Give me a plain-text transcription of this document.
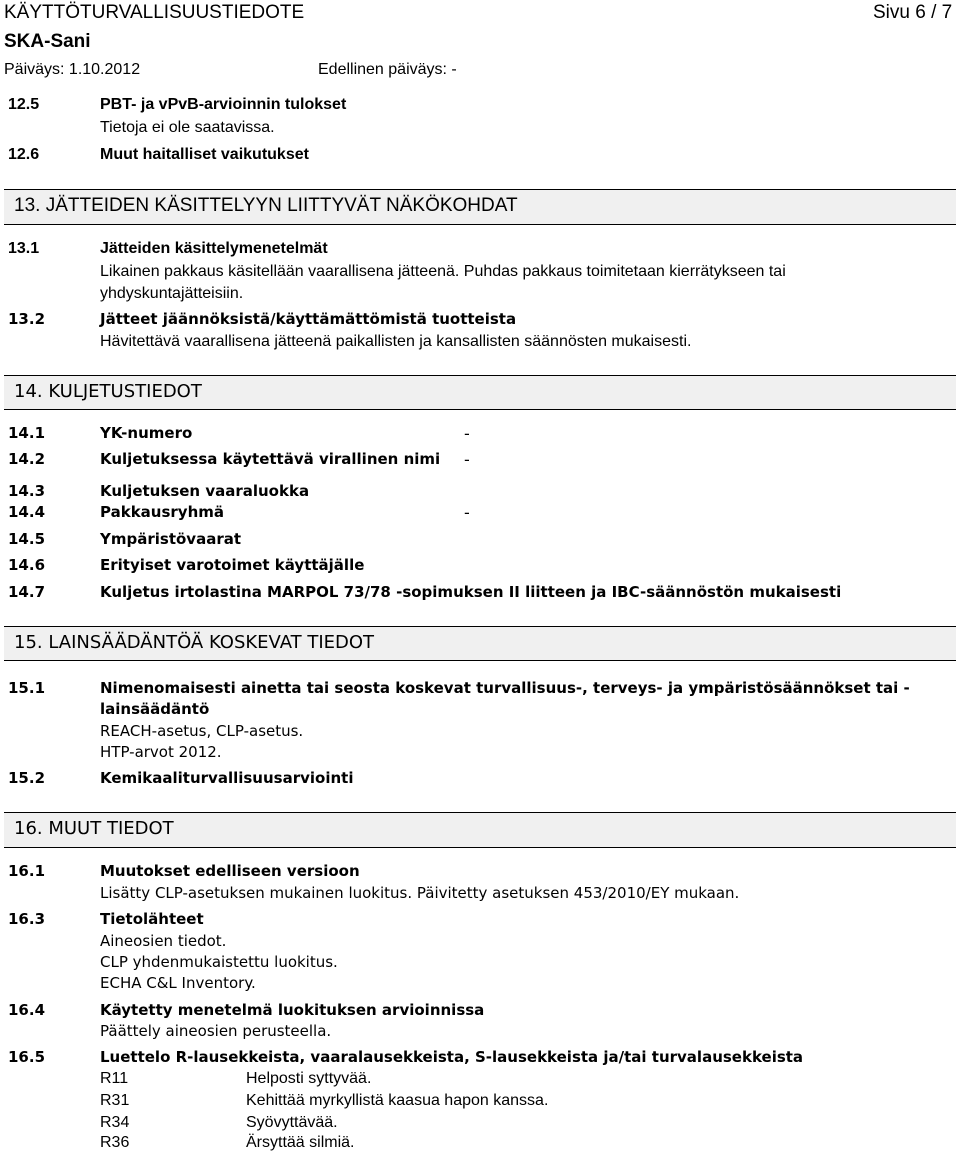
KÄYTTÖTURVALLISUUSTIEDOTE	Sivu 6 / 7
SKA-Sani
Päiväys: 1.10.2012	Edellinen päiväys: -
12.5	PBT- ja vPvB-arvioinnin tulokset
Tietoja ei ole saatavissa.
12.6	Muut haitalliset vaikutukset
13. JÄTTEIDEN KÄSITTELYYN LIITTYVÄT NÄKÖKOHDAT
13.1	Jätteiden käsittelymenetelmät
Likainen pakkaus käsitellään vaarallisena jätteenä. Puhdas pakkaus toimitetaan kierrätykseen tai
yhdyskuntajätteisiin.
13.2	Jätteet jäännöksistä/käyttämättömistä tuotteista
Hävitettävä vaarallisena jätteenä paikallisten ja kansallisten säännösten mukaisesti.
14. KULJETUSTIEDOT
14.1	YK-numero	-
14.2	Kuljetuksessa käytettävä virallinen nimi -
14.3	Kuljetuksen vaaraluokka
14.4	Pakkausryhmä	-
14.5	Ympäristövaarat
14.6	Erityiset varotoimet käyttäjälle
14.7	Kuljetus irtolastina MARPOL 73/78 -sopimuksen II liitteen ja IBC-säännöstön mukaisesti
15. LAINSÄÄDÄNTÖÄ KOSKEVAT TIEDOT
15.1	Nimenomaisesti ainetta tai seosta koskevat turvallisuus-, terveys- ja ympäristösäännökset tai -
lainsäädäntö
REACH-asetus, CLP-asetus.
HTP-arvot 2012.
15.2	Kemikaaliturvallisuusarviointi
16. MUUT TIEDOT
16.1	Muutokset edelliseen versioon
Lisätty CLP-asetuksen mukainen luokitus. Päivitetty asetuksen 453/2010/EY mukaan.
16.3	Tietolähteet
Aineosien tiedot.
CLP yhdenmukaistettu luokitus.
ECHA C&L Inventory.
16.4	Käytetty menetelmä luokituksen arvioinnissa
Päättely aineosien perusteella.
16.5	Luettelo R-lausekkeista, vaaralausekkeista, S-lausekkeista ja/tai turvalausekkeista
R11	Helposti syttyvää.
R31	Kehittää myrkyllistä kaasua hapon kanssa.
R34	Syövyttävää.
R36	Ärsyttää silmiä.
